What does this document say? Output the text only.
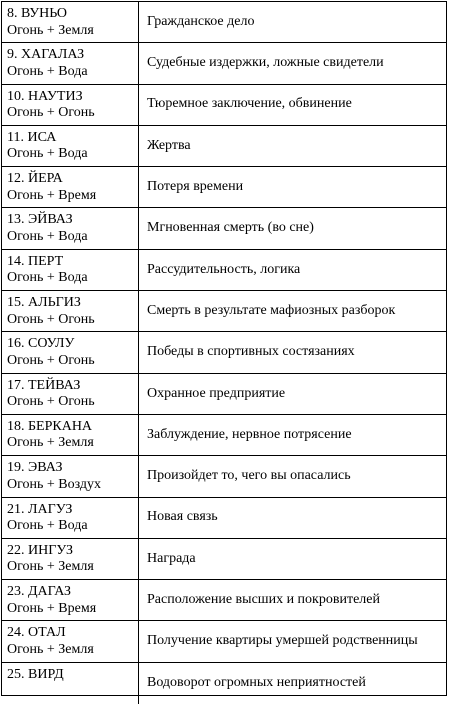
8. ВУНЬО
Огонь + Земля
Гражданское дело
9. ХАГАЛАЗ
Огонь + Вода
Судебные издержки, ложные свидетели
10. НАУТИЗ
Огонь + Огонь
Тюремное заключение, обвинение
11. ИСА
Огонь + Вода
Жертва
12. ЙЕРА
Огонь + Время
Потеря времени
13. ЭЙВАЗ
Огонь + Вода
Мгновенная смерть (во сне)
14. ПЕРТ
Огонь + Вода
Рассудительность, логика
15. АЛЬГИЗ
Огонь + Огонь
Смерть в результате мафиозных разборок
16. СОУЛУ
Огонь + Огонь
Победы в спортивных состязаниях
17. ТЕЙВАЗ
Огонь + Огонь
Охранное предприятие
18. БЕРКАНА
Огонь + Земля
Заблуждение, нервное потрясение
19. ЭВАЗ
Огонь + Воздух
Произойдет то, чего вы опасались
21. ЛАГУЗ
Огонь + Вода
Новая связь
22. ИНГУЗ
Огонь + Земля
Награда
23. ДАГАЗ
Огонь + Время
Расположение высших и покровителей
24. ОТАЛ
Огонь + Земля
Получение квартиры умершей родственницы
25. ВИРД
Водоворот огромных неприятностей
